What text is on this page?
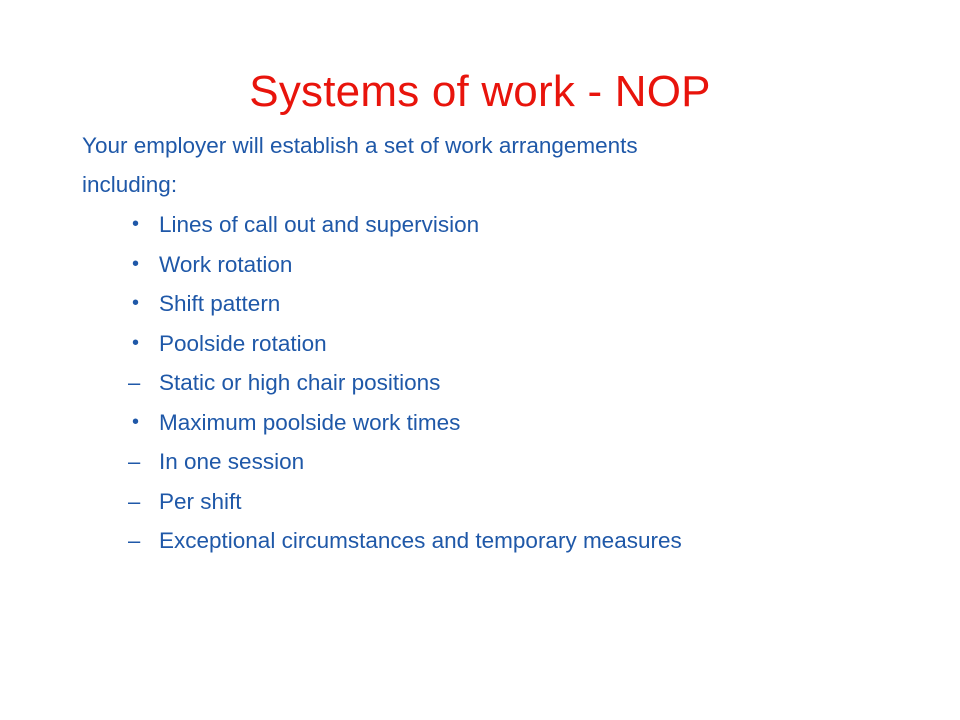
Systems of work - NOP
Your employer will establish a set of work arrangements
including:
• Lines of call out and supervision
• Work rotation
• Shift pattern
• Poolside rotation
– Static or high chair positions
• Maximum poolside work times
– In one session
– Per shift
– Exceptional circumstances and temporary measures
